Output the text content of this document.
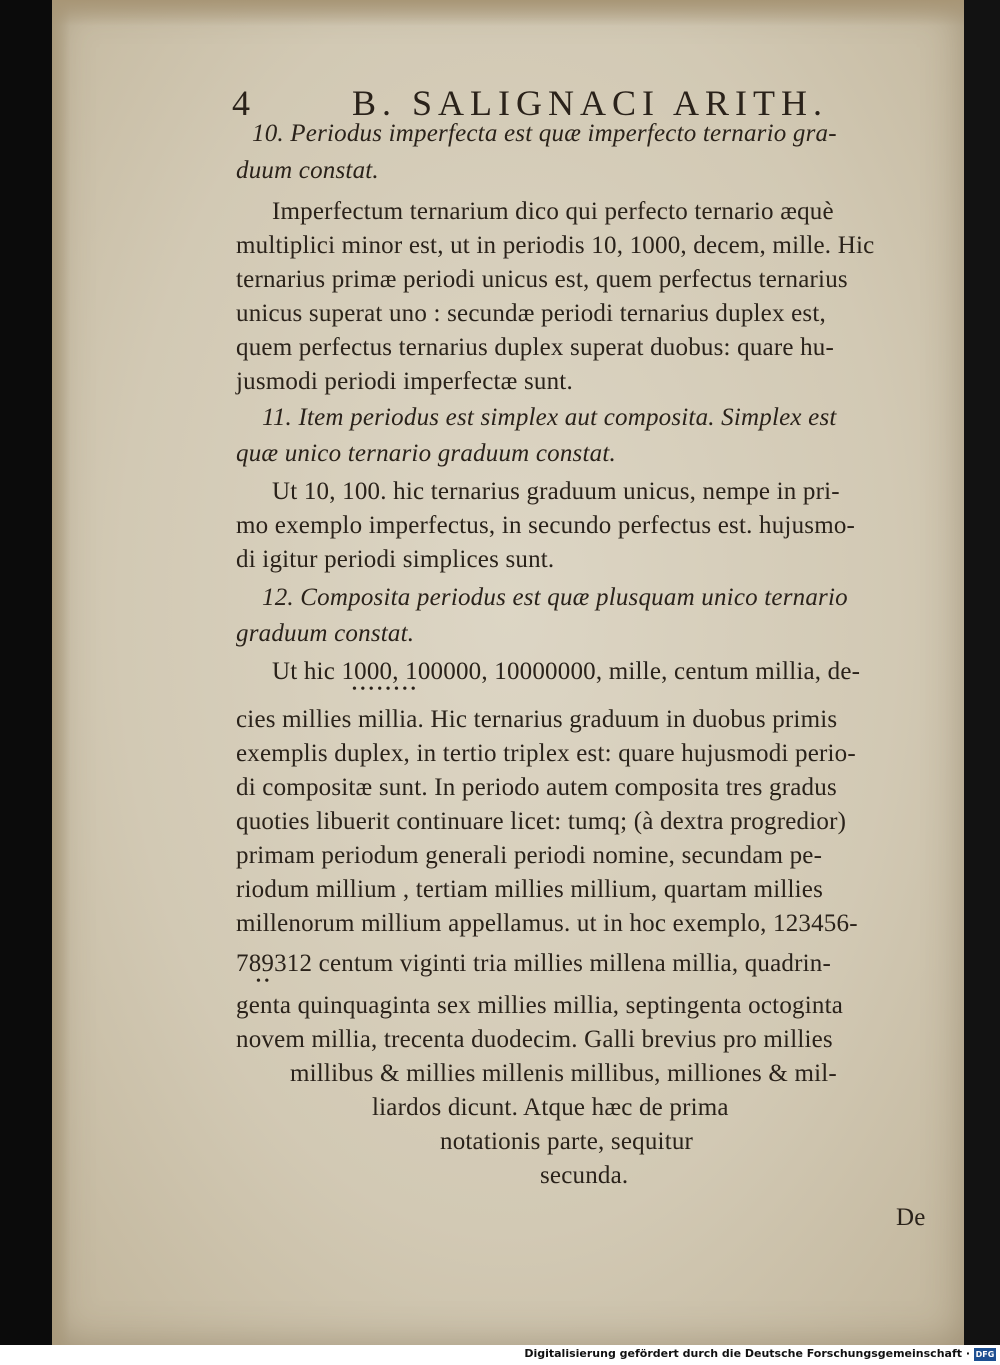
4	B. SALIGNACI ARITH.
10. Periodus imperfecta est quæ imperfecto ternario gra-
duum constat.
Imperfectum ternarium dico qui perfecto ternario æquè
multiplici minor est, ut in periodis 10, 1000, decem, mille. Hic
ternarius primæ periodi unicus est, quem perfectus ternarius
unicus superat uno : secundæ periodi ternarius duplex est,
quem perfectus ternarius duplex superat duobus: quare hu-
jusmodi periodi imperfectæ sunt.
11. Item periodus est simplex aut composita. Simplex est
quæ unico ternario graduum constat.
Ut 10, 100. hic ternarius graduum unicus, nempe in pri-
mo exemplo imperfectus, in secundo perfectus est. hujusmo-
di igitur periodi simplices sunt.
12. Composita periodus est quæ plusquam unico ternario
graduum constat.
Ut hic 1000, 100000, 10000000, mille, centum millia, de-
• • • • • • • •
cies millies millia. Hic ternarius graduum in duobus primis
exemplis duplex, in tertio triplex est: quare hujusmodi perio-
di compositæ sunt. In periodo autem composita tres gradus
quoties libuerit continuare licet: tumq; (à dextra progredior)
primam periodum generali periodi nomine, secundam pe-
riodum millium , tertiam millies millium, quartam millies
millenorum millium appellamus. ut in hoc exemplo, 123456-
789312 centum viginti tria millies millena millia, quadrin-
• •
genta quinquaginta sex millies millia, septingenta octoginta
novem millia, trecenta duodecim. Galli brevius pro millies
millibus & millies millenis millibus, milliones & mil-
liardos dicunt. Atque hæc de prima
notationis parte, sequitur
secunda.
De
Digitalisierung gefördert durch die Deutsche Forschungsgemeinschaft · DFG
